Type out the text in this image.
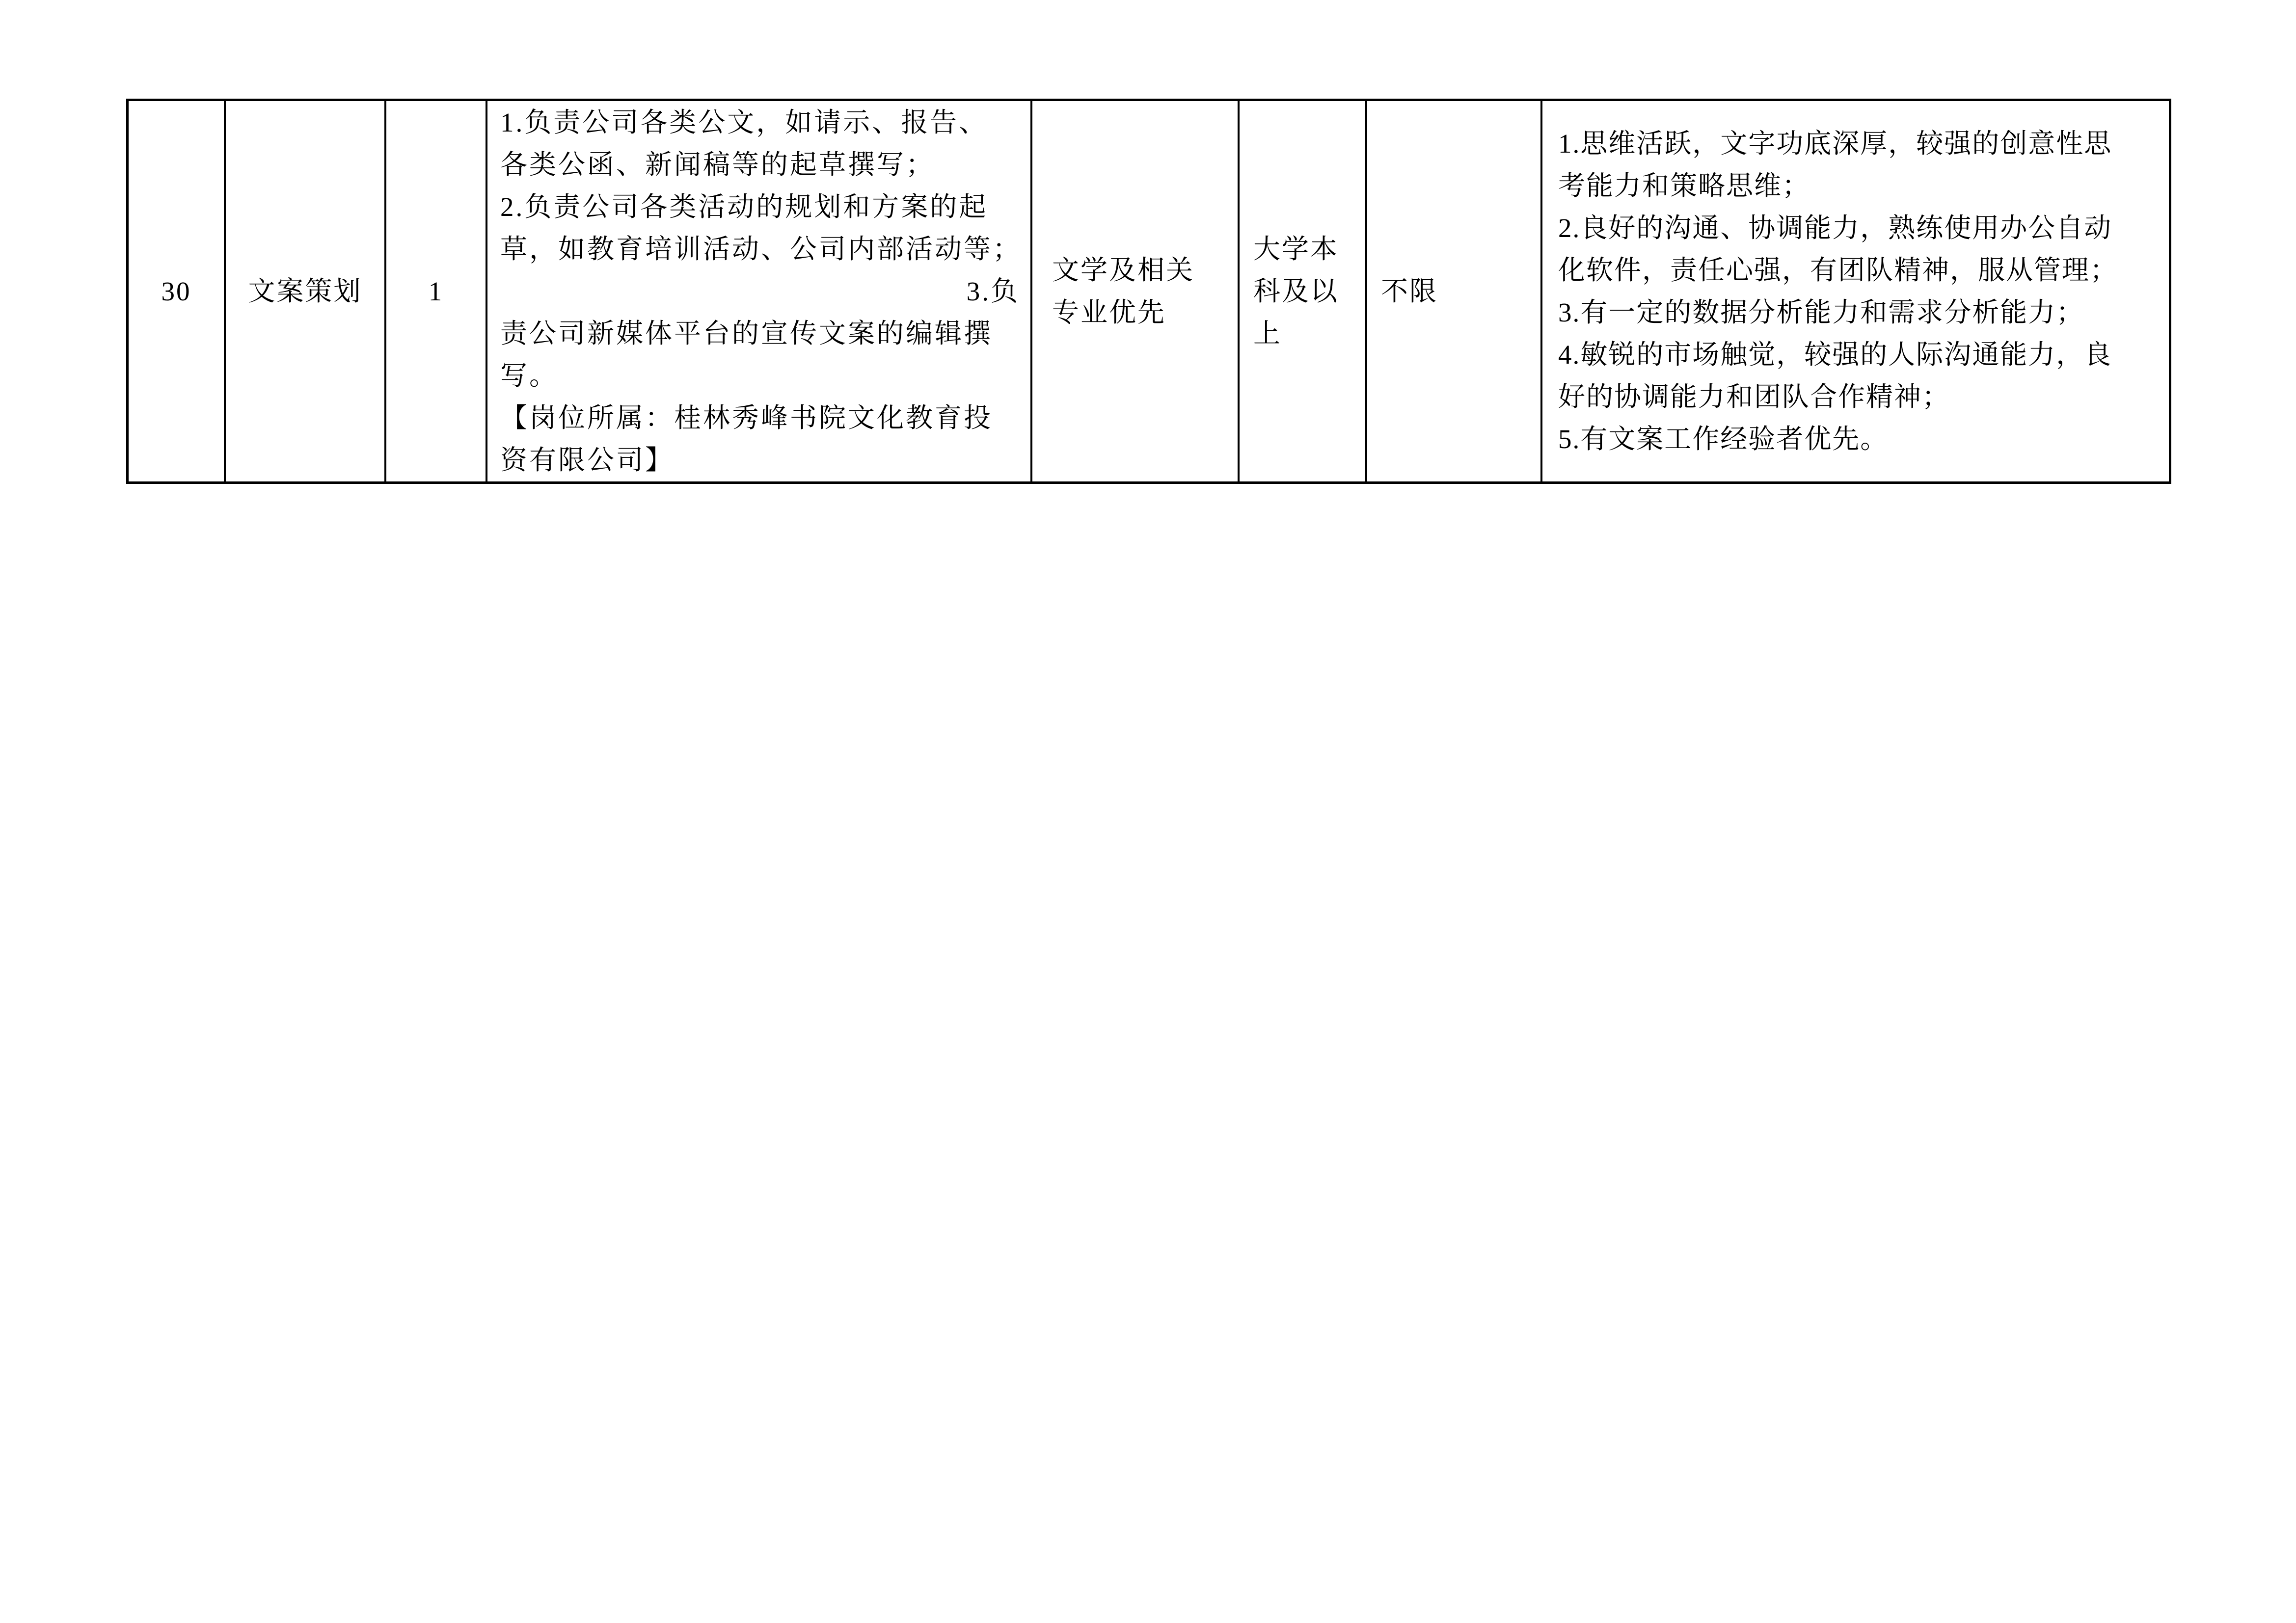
30 文案策划 1
1.负责公司各类公文，如请示、报告、
各类公函、新闻稿等的起草撰写；
2.负责公司各类活动的规划和方案的起
草，如教育培训活动、公司内部活动等；
3.负
责公司新媒体平台的宣传文案的编辑撰
写。
【岗位所属：桂林秀峰书院文化教育投
资有限公司】
文学及相关
专业优先
大学本
科及以
上
不限
1.思维活跃，文字功底深厚，较强的创意性思
考能力和策略思维；
2.良好的沟通、协调能力，熟练使用办公自动
化软件，责任心强，有团队精神，服从管理；
3.有一定的数据分析能力和需求分析能力；
4.敏锐的市场触觉，较强的人际沟通能力，良
好的协调能力和团队合作精神；
5.有文案工作经验者优先。
